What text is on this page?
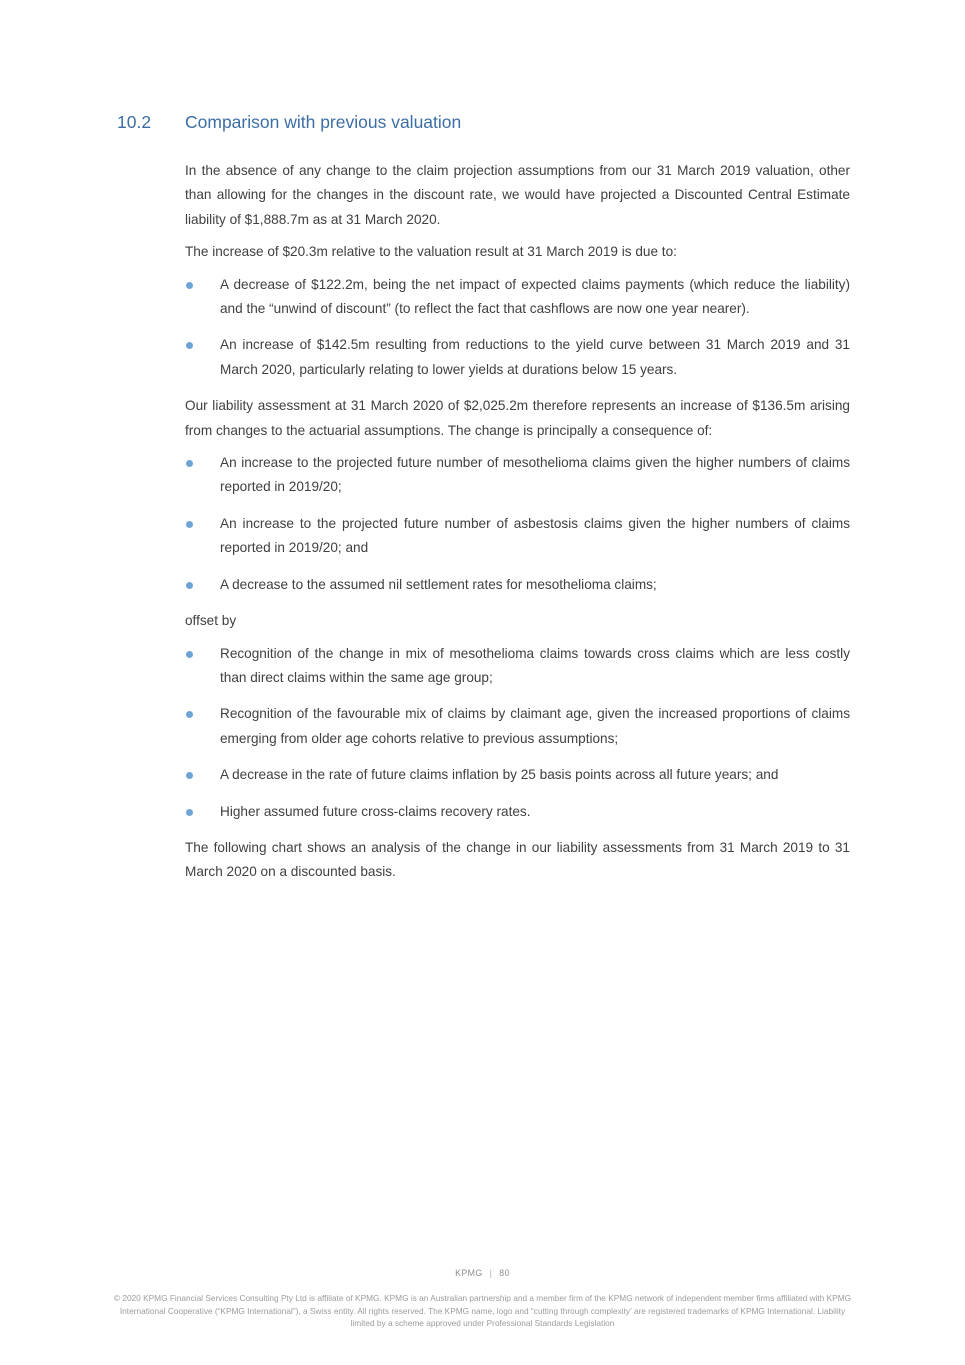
10.2	Comparison with previous valuation

In the absence of any change to the claim projection assumptions from our 31 March 2019 valuation, other than allowing for the changes in the discount rate, we would have projected a Discounted Central Estimate liability of $1,888.7m as at 31 March 2020.

The increase of $20.3m relative to the valuation result at 31 March 2019 is due to:

A decrease of $122.2m, being the net impact of expected claims payments (which reduce the liability) and the “unwind of discount” (to reflect the fact that cashflows are now one year nearer).
An increase of $142.5m resulting from reductions to the yield curve between 31 March 2019 and 31 March 2020, particularly relating to lower yields at durations below 15 years.

Our liability assessment at 31 March 2020 of $2,025.2m therefore represents an increase of $136.5m arising from changes to the actuarial assumptions. The change is principally a consequence of:

An increase to the projected future number of mesothelioma claims given the higher numbers of claims reported in 2019/20;
An increase to the projected future number of asbestosis claims given the higher numbers of claims reported in 2019/20; and
A decrease to the assumed nil settlement rates for mesothelioma claims;

offset by

Recognition of the change in mix of mesothelioma claims towards cross claims which are less costly than direct claims within the same age group;
Recognition of the favourable mix of claims by claimant age, given the increased proportions of claims emerging from older age cohorts relative to previous assumptions;
A decrease in the rate of future claims inflation by 25 basis points across all future years; and
Higher assumed future cross-claims recovery rates.

The following chart shows an analysis of the change in our liability assessments from 31 March 2019 to 31 March 2020 on a discounted basis.

KPMG | 80

© 2020 KPMG Financial Services Consulting Pty Ltd is affiliate of KPMG. KPMG is an Australian partnership and a member firm of the KPMG network of independent member firms affiliated with KPMG International Cooperative (“KPMG International”), a Swiss entity. All rights reserved. The KPMG name, logo and “cutting through complexity’ are registered trademarks of KPMG International. Liability limited by a scheme approved under Professional Standards Legislation
